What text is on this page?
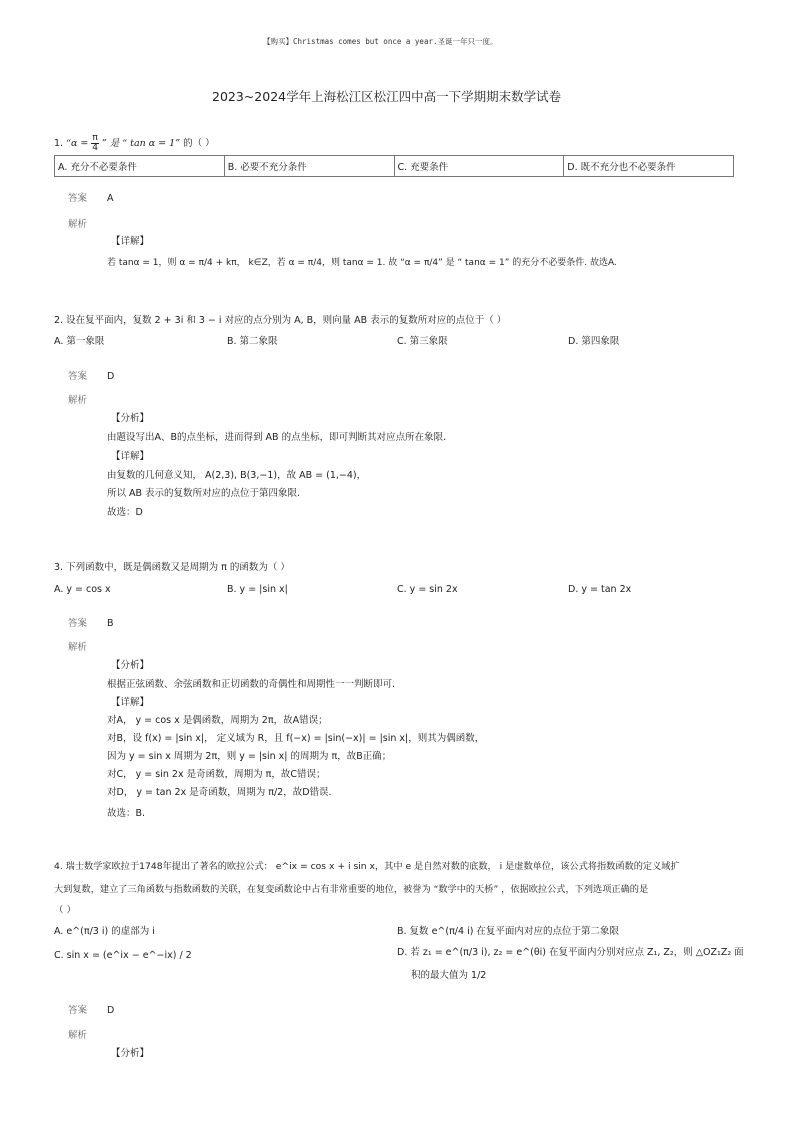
【购买】Christmas comes but once a year.圣诞一年只一度。
2023~2024学年上海松江区松江四中高一下学期期末数学试卷
1. “$\alpha = \frac{\pi}{4}$ ” 是 “ tan α = 1” 的（ ）
A. 充分不必要条件	B. 必要不充分条件	C. 充要条件	D. 既不充分也不必要条件
答案 A
解析
【详解】
若 tanα = 1，则 α = π/4 + kπ， k∈Z，若 α = π/4，则 tanα = 1. 故 “α = π/4” 是 “ tanα = 1” 的充分不必要条件. 故选A.
2. 设在复平面内，复数 2 + 3i 和 3 − i 对应的点分别为 A, B，则向量 AB 表示的复数所对应的点位于（ ）
A. 第一象限	B. 第二象限	C. 第三象限	D. 第四象限
答案 D
解析
【分析】
由题设写出A、B的点坐标，进而得到 AB 的点坐标，即可判断其对应点所在象限.
【详解】
由复数的几何意义知， A(2,3), B(3,−1)，故 AB = (1,−4)，
所以 AB 表示的复数所对应的点位于第四象限.
故选：D
3. 下列函数中，既是偶函数又是周期为 π 的函数为（ ）
A. y = cos x	B. y = |sin x|	C. y = sin 2x	D. y = tan 2x
答案 B
解析
【分析】
根据正弦函数、余弦函数和正切函数的奇偶性和周期性一一判断即可.
【详解】
对A， y = cos x 是偶函数，周期为 2π，故A错误；
对B，设 f(x) = |sin x|， 定义域为 R，且 f(−x) = |sin(−x)| = |sin x|，则其为偶函数，
因为 y = sin x 周期为 2π，则 y = |sin x| 的周期为 π，故B正确；
对C， y = sin 2x 是奇函数，周期为 π，故C错误；
对D， y = tan 2x 是奇函数，周期为 π/2，故D错误.
故选：B.
4. 瑞士数学家欧拉于1748年提出了著名的欧拉公式： e^ix = cos x + i sin x，其中 e 是自然对数的底数， i 是虚数单位，该公式将指数函数的定义域扩
大到复数，建立了三角函数与指数函数的关联，在复变函数论中占有非常重要的地位，被誉为 “数学中的天桥” ，依据欧拉公式，下列选项正确的是
（ ）
A. e^(π/3 i) 的虚部为 i	B. 复数 e^(π/4 i) 在复平面内对应的点位于第二象限
C. sin x = (e^ix − e^−ix) / 2	D. 若 z₁ = e^(π/3 i), z₂ = e^(θi) 在复平面内分别对应点 Z₁, Z₂，则 △OZ₁Z₂ 面
积的最大值为 1/2
答案 D
解析
【分析】
